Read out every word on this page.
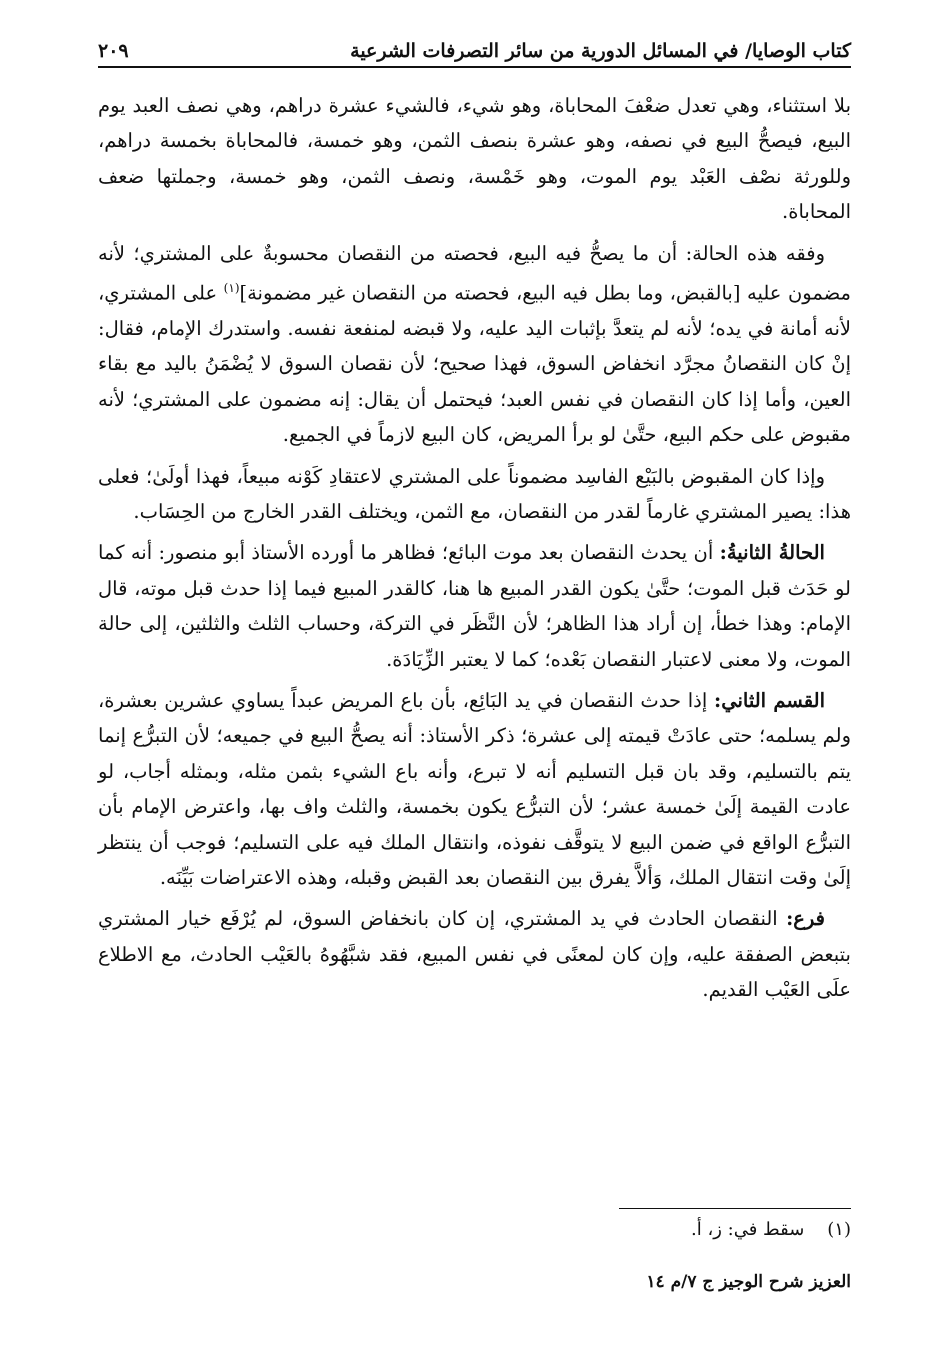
كتاب الوصايا/ في المسائل الدورية من سائر التصرفات الشرعية
٢٠٩

بلا استثناء، وهي تعدل ضعْفَ المحاباة، وهو شيء، فالشيء عشرة دراهم، وهي نصف العبد يوم البيع، فيصحُّ البيع في نصفه، وهو عشرة بنصف الثمن، وهو خمسة، فالمحاباة بخمسة دراهم، وللورثة نصْف العَبْد يوم الموت، وهو خَمْسة، ونصف الثمن، وهو خمسة، وجملتها ضعف المحاباة.

وفقه هذه الحالة: أن ما يصحُّ فيه البيع، فحصته من النقصان محسوبةٌ على المشتري؛ لأنه مضمون عليه [بالقبض، وما بطل فيه البيع، فحصته من النقصان غير مضمونة]$^{(١)}$ على المشتري، لأنه أمانة في يده؛ لأنه لم يتعدَّ بإثبات اليد عليه، ولا قبضه لمنفعة نفسه. واستدرك الإمام، فقال: إنْ كان النقصانُ مجرَّد انخفاض السوق، فهذا صحيح؛ لأن نقصان السوق لا يُضْمَنُ باليد مع بقاء العين، وأما إذا كان النقصان في نفس العبد؛ فيحتمل أن يقال: إنه مضمون على المشتري؛ لأنه مقبوض على حكم البيع، حتَّىٰ لو برأ المريض، كان البيع لازماً في الجميع.

وإذا كان المقبوض بالبَيْع الفاسِد مضموناً على المشتري لاعتقادِ كَوْنه مبيعاً، فهذا أولَىٰ؛ فعلى هذا: يصير المشتري غارماً لقدر من النقصان، مع الثمن، ويختلف القدر الخارج من الحِسَاب.

الحالةُ الثانيةُ: أن يحدث النقصان بعد موت البائع؛ فظاهر ما أورده الأستاذ أبو منصور: أنه كما لو حَدَث قبل الموت؛ حتَّىٰ يكون القدر المبيع ها هنا، كالقدر المبيع فيما إذا حدث قبل موته، قال الإمام: وهذا خطأ، إن أراد هذا الظاهر؛ لأن النَّظَر في التركة، وحساب الثلث والثلثين، إلى حالة الموت، ولا معنى لاعتبار النقصان بَعْده؛ كما لا يعتبر الزِّيَادَة.

القسم الثاني: إذا حدث النقصان في يد البَائِع، بأن باع المريض عبداً يساوي عشرين بعشرة، ولم يسلمه؛ حتى عادَتْ قيمته إلى عشرة؛ ذكر الأستاذ: أنه يصحُّ البيع في جميعه؛ لأن التبرُّع إنما يتم بالتسليم، وقد بان قبل التسليم أنه لا تبرع، وأنه باع الشيء بثمن مثله، وبمثله أجاب، لو عادت القيمة إلَىٰ خمسة عشر؛ لأن التبرُّع يكون بخمسة، والثلث واف بها، واعترض الإمام بأن التبرُّع الواقع في ضمن البيع لا يتوقَّف نفوذه، وانتقال الملك فيه على التسليم؛ فوجب أن ينتظر إلَىٰ وقت انتقال الملك، وَألاَّ يفرق بين النقصان بعد القبض وقبله، وهذه الاعتراضات بَيِّنَه.

فرع: النقصان الحادث في يد المشتري، إن كان بانخفاض السوق، لم يُرْفَع خيار المشتري بتبعض الصفقة عليه، وإن كان لمعنًى في نفس المبيع، فقد شبَّهُوهُ بالعَيْب الحادث، مع الاطلاع علَى العَيْب القديم.

(١)    سقط في: ز، أ.
العزيز شرح الوجيز ج ٧/م ١٤
